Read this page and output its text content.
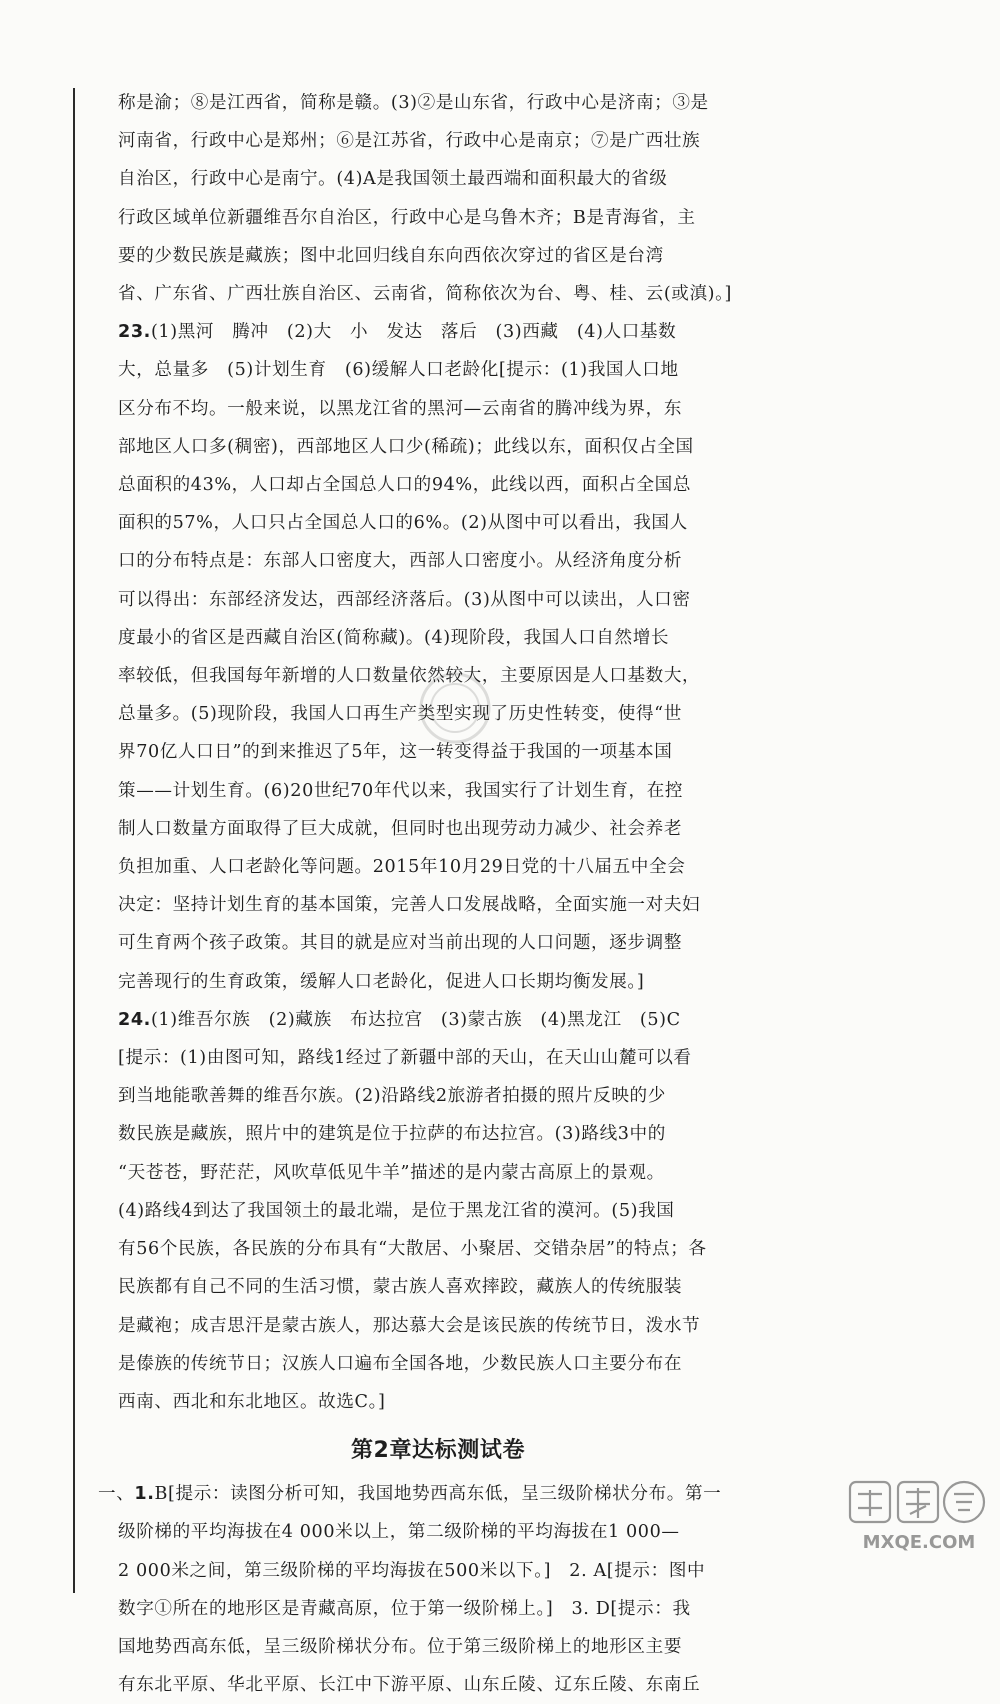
称是渝；⑧是江西省，简称是赣。(3)②是山东省，行政中心是济南；③是

河南省，行政中心是郑州；⑥是江苏省，行政中心是南京；⑦是广西壮族

自治区，行政中心是南宁。(4)A是我国领土最西端和面积最大的省级

行政区域单位新疆维吾尔自治区，行政中心是乌鲁木齐；B是青海省，主

要的少数民族是藏族；图中北回归线自东向西依次穿过的省区是台湾

省、广东省、广西壮族自治区、云南省，简称依次为台、粤、桂、云(或滇)。]

23.(1)黑河　腾冲　(2)大　小　发达　落后　(3)西藏　(4)人口基数

大，总量多　(5)计划生育　(6)缓解人口老龄化[提示：(1)我国人口地

区分布不均。一般来说，以黑龙江省的黑河—云南省的腾冲线为界，东

部地区人口多(稠密)，西部地区人口少(稀疏)；此线以东，面积仅占全国

总面积的43%，人口却占全国总人口的94%，此线以西，面积占全国总

面积的57%，人口只占全国总人口的6%。(2)从图中可以看出，我国人

口的分布特点是：东部人口密度大，西部人口密度小。从经济角度分析

可以得出：东部经济发达，西部经济落后。(3)从图中可以读出，人口密

度最小的省区是西藏自治区(简称藏)。(4)现阶段，我国人口自然增长

率较低，但我国每年新增的人口数量依然较大，主要原因是人口基数大，

总量多。(5)现阶段，我国人口再生产类型实现了历史性转变，使得“世

界70亿人口日”的到来推迟了5年，这一转变得益于我国的一项基本国

策——计划生育。(6)20世纪70年代以来，我国实行了计划生育，在控

制人口数量方面取得了巨大成就，但同时也出现劳动力减少、社会养老

负担加重、人口老龄化等问题。2015年10月29日党的十八届五中全会

决定：坚持计划生育的基本国策，完善人口发展战略，全面实施一对夫妇

可生育两个孩子政策。其目的就是应对当前出现的人口问题，逐步调整

完善现行的生育政策，缓解人口老龄化，促进人口长期均衡发展。]

24.(1)维吾尔族　(2)藏族　布达拉宫　(3)蒙古族　(4)黑龙江　(5)C

[提示：(1)由图可知，路线1经过了新疆中部的天山，在天山山麓可以看

到当地能歌善舞的维吾尔族。(2)沿路线2旅游者拍摄的照片反映的少

数民族是藏族，照片中的建筑是位于拉萨的布达拉宫。(3)路线3中的

“天苍苍，野茫茫，风吹草低见牛羊”描述的是内蒙古高原上的景观。

(4)路线4到达了我国领土的最北端，是位于黑龙江省的漠河。(5)我国

有56个民族，各民族的分布具有“大散居、小聚居、交错杂居”的特点；各

民族都有自己不同的生活习惯，蒙古族人喜欢摔跤，藏族人的传统服装

是藏袍；成吉思汗是蒙古族人，那达慕大会是该民族的传统节日，泼水节

是傣族的传统节日；汉族人口遍布全国各地，少数民族人口主要分布在

西南、西北和东北地区。故选C。]

第2章达标测试卷

一、1.B[提示：读图分析可知，我国地势西高东低，呈三级阶梯状分布。第一

级阶梯的平均海拔在4 000米以上，第二级阶梯的平均海拔在1 000—

2 000米之间，第三级阶梯的平均海拔在500米以下。]　2. A[提示：图中

数字①所在的地形区是青藏高原，位于第一级阶梯上。]　3. D[提示：我

国地势西高东低，呈三级阶梯状分布。位于第三级阶梯上的地形区主要

有东北平原、华北平原、长江中下游平原、山东丘陵、辽东丘陵、东南丘

MXQE.COM
